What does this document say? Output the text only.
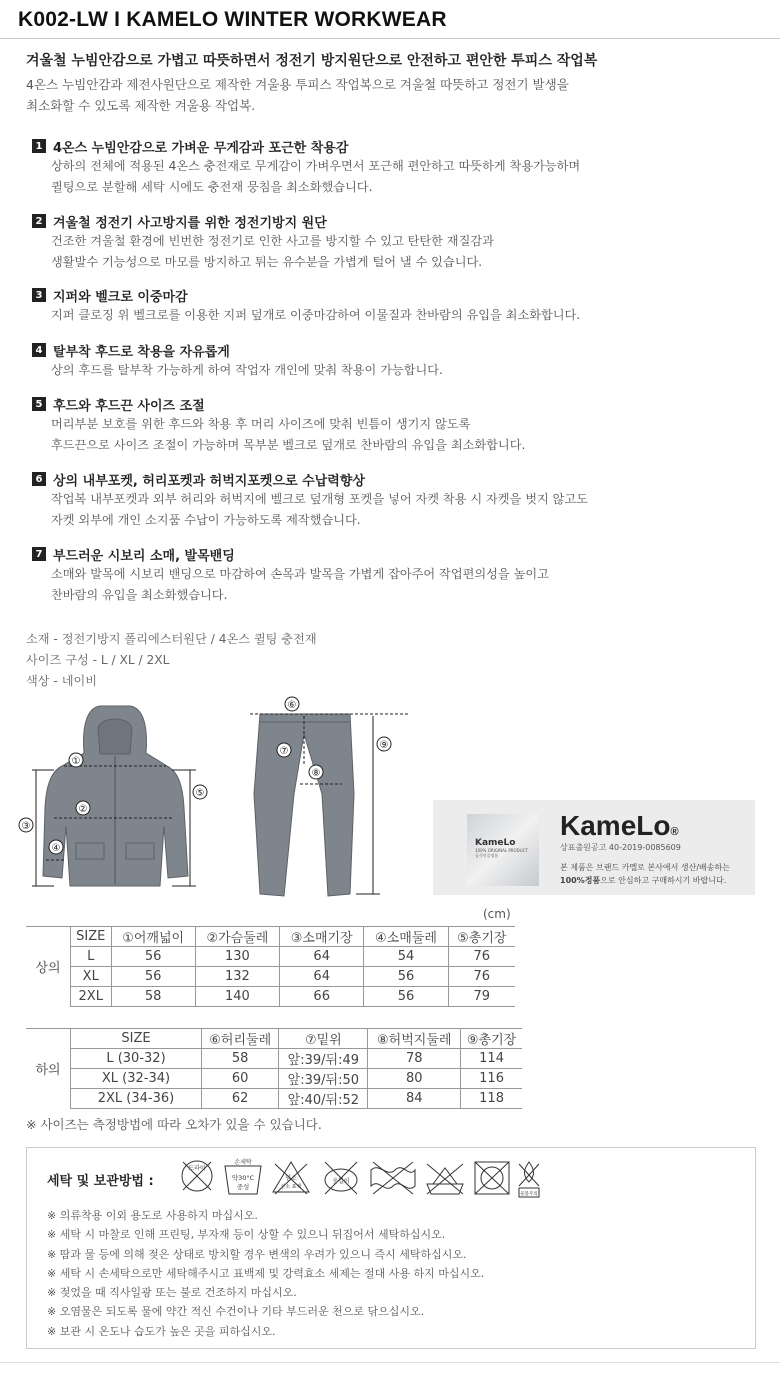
K002-LW I KAMELO WINTER WORKWEAR
겨울철 누빔안감으로 가볍고 따뜻하면서 정전기 방지원단으로 안전하고 편안한 투피스 작업복
4온스 누빔안감과 제전사원단으로 제작한 겨울용 투피스 작업복으로 겨울철 따뜻하고 정전기 발생을
최소화할 수 있도록 제작한 겨울용 작업복.
1 4온스 누빔안감으로 가벼운 무게감과 포근한 착용감
상하의 전체에 적용된 4온스 충전재로 무게감이 가벼우면서 포근해 편안하고 따뜻하게 착용가능하며
퀼팅으로 분할해 세탁 시에도 충전재 뭉침을 최소화했습니다.
2 겨울철 정전기 사고방지를 위한 정전기방지 원단
건조한 겨울철 환경에 빈번한 정전기로 인한 사고를 방지할 수 있고 탄탄한 재질감과
생활발수 기능성으로 마모를 방지하고 튀는 유수분을 가볍게 털어 낼 수 있습니다.
3 지퍼와 벨크로 이중마감
지퍼 클로징 위 벨크로를 이용한 지퍼 덮개로 이중마감하여 이물질과 찬바람의 유입을 최소화합니다.
4 탈부착 후드로 착용을 자유롭게
상의 후드를 탈부착 가능하게 하여 작업자 개인에 맞춰 착용이 가능합니다.
5 후드와 후드끈 사이즈 조절
머리부분 보호를 위한 후드와 착용 후 머리 사이즈에 맞춰 빈틈이 생기지 않도록
후드끈으로 사이즈 조절이 가능하며 목부분 벨크로 덮개로 찬바람의 유입을 최소화합니다.
6 상의 내부포켓, 허리포켓과 허벅지포켓으로 수납력향상
작업복 내부포켓과 외부 허리와 허벅지에 벨크로 덮개형 포켓을 넣어 자켓 착용 시 자켓을 벗지 않고도
자켓 외부에 개인 소지품 수납이 가능하도록 제작했습니다.
7 부드러운 시보리 소매, 발목밴딩
소매와 발목에 시보리 밴딩으로 마감하여 손목과 발목을 가볍게 잡아주어 작업편의성을 높이고
찬바람의 유입을 최소화했습니다.
소재 - 정전기방지 폴리에스터원단 / 4온스 퀼팅 충전재
사이즈 구성 - L / XL / 2XL
색상 - 네이비
①
②
③
④
⑤
⑥
⑦
⑧
⑨
KameLo
100% ORIGINAL PRODUCT
공식인증정품
KameLo®
상표출원공고 40-2019-0085609
본 제품은 브랜드 카멜로 본사에서 생산/배송하는
100%정품으로 안심하고 구매하시기 바랍니다.
(cm)
상의	SIZE	①어깨넓이	②가슴둘레	③소매기장	④소매둘레	⑤총기장
	L	56	130	64	54	76
	XL	56	132	64	56	76
	2XL	58	140	66	56	79
하의	SIZE	⑥허리둘레	⑦밑위	⑧허벅지둘레	⑨총기장
	L (30-32)	58	앞:39/뒤:49	78	114
	XL (32-34)	60	앞:39/뒤:50	80	116
	2XL (34-36)	62	앞:40/뒤:52	84	118
※ 사이즈는 측정방법에 따라 오차가 있을 수 있습니다.
세탁 및 보관방법 :
드라이
손세탁
약30°C
중성
염소
산소 표백
옷걸이
물불주의
※ 의류착용 이외 용도로 사용하지 마십시오.
※ 세탁 시 마찰로 인해 프린팅, 부자재 등이 상할 수 있으니 뒤집어서 세탁하십시오.
※ 땀과 물 등에 의해 젖은 상태로 방치할 경우 변색의 우려가 있으니 즉시 세탁하십시오.
※ 세탁 시 손세탁으로만 세탁해주시고 표백제 및 강력효소 세제는 절대 사용 하지 마십시오.
※ 젖었을 때 직사일광 또는 불로 건조하지 마십시오.
※ 오염물은 되도록 물에 약간 적신 수건이나 기타 부드러운 천으로 닦으십시오.
※ 보관 시 온도나 습도가 높은 곳을 피하십시오.
